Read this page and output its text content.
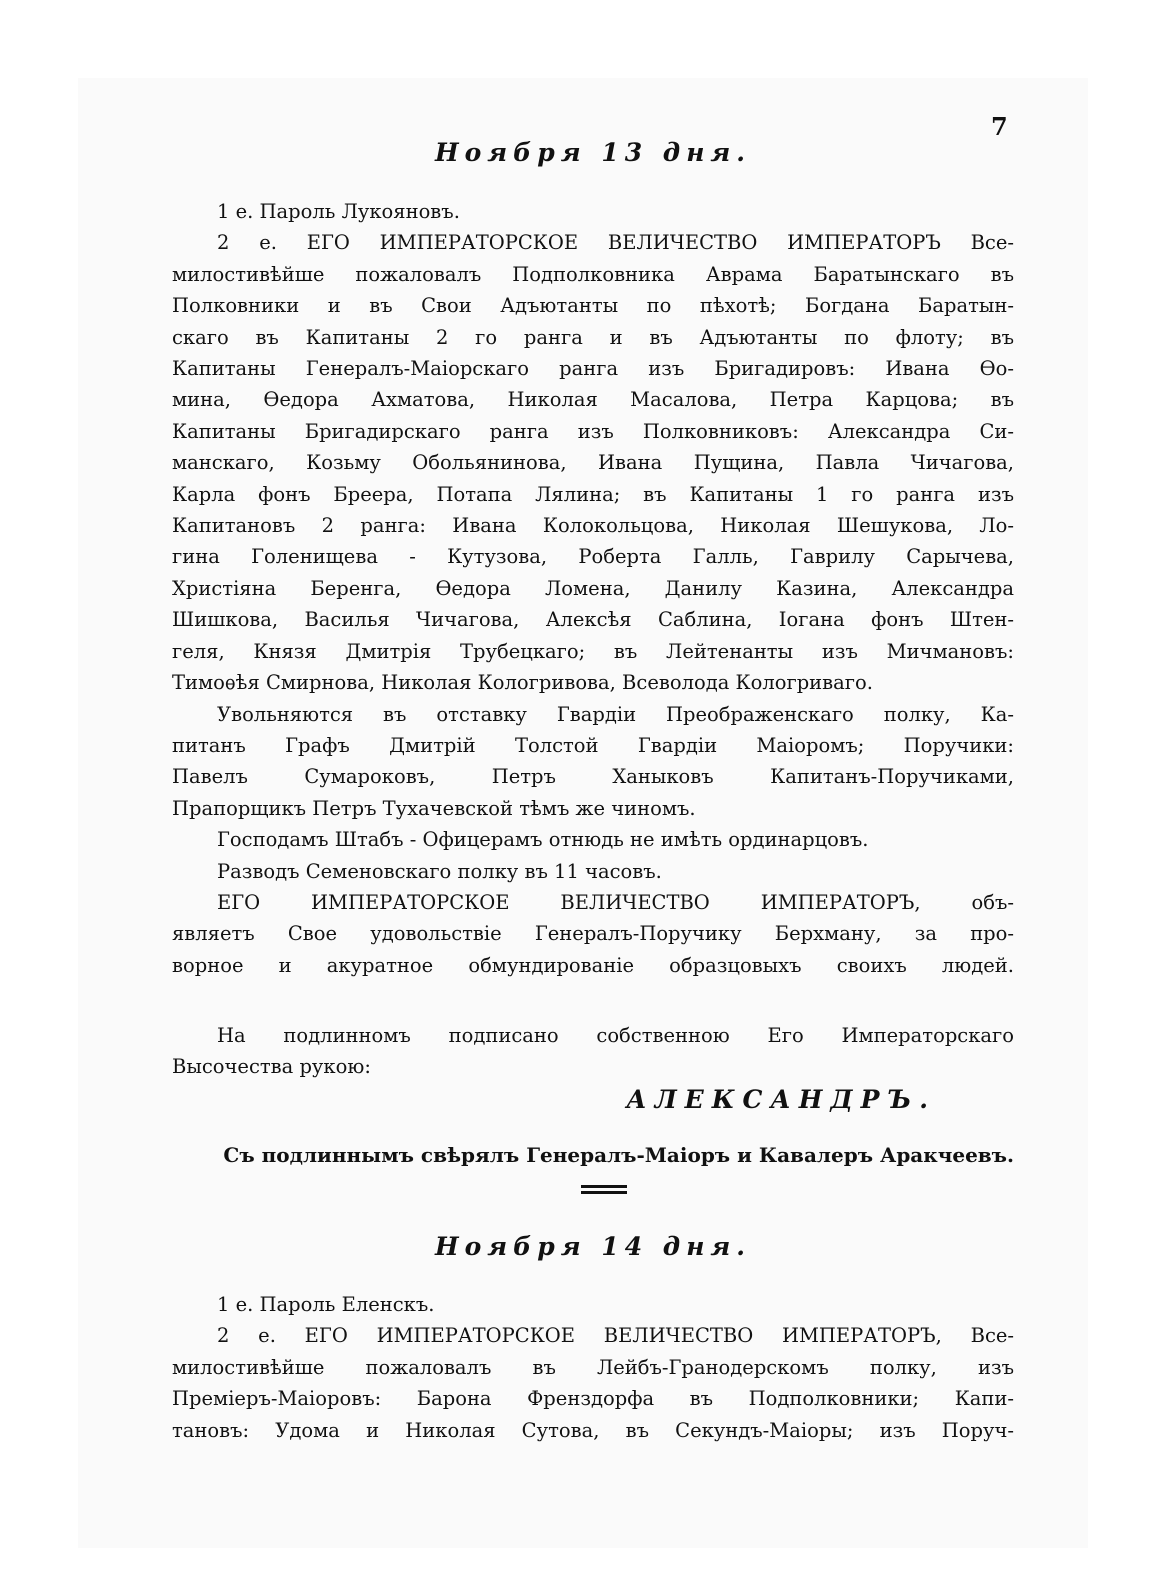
7
Ноября 13 дня.
1 е. Пароль Лукояновъ.
2 е. ЕГО ИМПЕРАТОРСКОЕ ВЕЛИЧЕСТВО ИМПЕРАТОРЪ Все-
милостивѣйше пожаловалъ Подполковника Аврама Баратынскаго въ
Полковники и въ Свои Адъютанты по пѣхотѣ; Богдана Баратын-
скаго въ Капитаны 2 го ранга и въ Адъютанты по флоту; въ
Капитаны Генералъ-Маіорскаго ранга изъ Бригадировъ: Ивана Ѳо-
мина, Ѳедора Ахматова, Николая Масалова, Петра Карцова; въ
Капитаны Бригадирскаго ранга изъ Полковниковъ: Александра Си-
манскаго, Козьму Обольянинова, Ивана Пущина, Павла Чичагова,
Карла фонъ Бреера, Потапа Лялина; въ Капитаны 1 го ранга изъ
Капитановъ 2 ранга: Ивана Колокольцова, Николая Шешукова, Ло-
гина Голенищева - Кутузова, Роберта Галль, Гаврилу Сарычева,
Христіяна Беренга, Ѳедора Ломена, Данилу Казина, Александра
Шишкова, Василья Чичагова, Алексѣя Саблина, Іогана фонъ Штен-
геля, Князя Дмитрія Трубецкаго; въ Лейтенанты изъ Мичмановъ:
Тимоѳѣя Смирнова, Николая Кологривова, Всеволода Кологриваго.
Увольняются въ отставку Гвардіи Преображенскаго полку, Ка-
питанъ Графъ Дмитрій Толстой Гвардіи Маіоромъ; Поручики:
Павелъ Сумароковъ, Петръ Ханыковъ Капитанъ-Поручиками,
Прапорщикъ Петръ Тухачевской тѣмъ же чиномъ.
Господамъ Штабъ - Офицерамъ отнюдь не имѣть ординарцовъ.
Разводъ Семеновскаго полку въ 11 часовъ.
ЕГО ИМПЕРАТОРСКОЕ ВЕЛИЧЕСТВО ИМПЕРАТОРЪ, объ-
являетъ Свое удовольствіе Генералъ-Поручику Берхману, за про-
ворное и акуратное обмундированіе образцовыхъ своихъ людей.
На подлинномъ подписано собственною Его Императорскаго
Высочества рукою:
АЛЕКСАНДРЪ.
Съ подлиннымъ свѣрялъ Генералъ-Маіоръ и Кавалеръ Аракчеевъ.
Ноября 14 дня.
1 е. Пароль Еленскъ.
2 е. ЕГО ИМПЕРАТОРСКОЕ ВЕЛИЧЕСТВО ИМПЕРАТОРЪ, Все-
милостивѣйше пожаловалъ въ Лейбъ-Гранодерскомъ полку, изъ
Преміеръ-Маіоровъ: Барона Френздорфа въ Подполковники; Капи-
тановъ: Удома и Николая Сутова, въ Секундъ-Маіоры; изъ Поруч-
